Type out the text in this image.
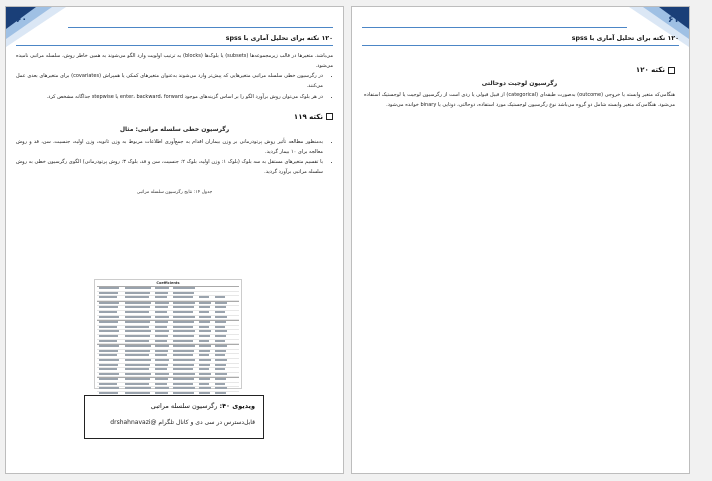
۶۰
۱۲۰ نکته برای تحلیل آماری با spss

می‌باشد. متغیرها در قالب زیرمجموعه‌ها (subsets) یا بلوک‌ها (blocks) به ترتیب اولویت وارد الگو می‌شوند به همین خاطر روش، سلسله مراتبی نامیده می‌شود.

• در رگرسیون خطی سلسله مراتبی متغیرهایی که پیش‌تر وارد می‌شوند به‌عنوان متغیرهای کمکی یا همپراش (covariates) برای متغیرهای بعدی عمل می‌کنند.
• در هر بلوک می‌توان روش برآورد الگو را بر اساس گزینه‌های موجود enter، backward، forward یا stepwise جداگانه مشخص کرد.
نکته ۱۱۹
رگرسیون خطی سلسله مراتبی: مثال
• به‌منظور مطالعه تأثیر روش پرتودرمانی بر وزن بیماران اقدام به جمع‌آوری اطلاعات مربوط به وزن ثانویه، وزن اولیه، جنسیت، سن، قد و روش معالجه برای ۱۰ بیمار گردید.
• با تقسیم متغیرهای مستقل به سه بلوک (بلوک ۱: وزن اولیه، بلوک ۲: جنسیت، سن و قد، بلوک ۳: روش پرتودرمانی) الگوی رگرسیون خطی به روش سلسله مراتبی برآورد گردید.
جدول ۱۴: نتایج رگرسیون سلسله مراتبی
Coefficients
ویدیوی ۴۰: رگرسیون سلسله مراتبی
قابل‌دسترس در سی دی و کانال تلگرام @drshahnavazi
۶۱
۱۲۰ نکته برای تحلیل آماری با spss
نکته ۱۲۰
رگرسیون لوجیت دوحالتی

هنگامی‌که متغیر وابسته یا خروجی (outcome) به‌صورت طبقه‌ای (categorical) از قبیل قبولی یا ردی است از رگرسیون لوجیت یا لوجستیک استفاده می‌شود. هنگامی‌که متغیر وابسته شامل دو گروه می‌باشد نوع رگرسیون لوجستیک مورد استفاده، دوحالتی، دوتایی یا binary خوانده می‌شود.
